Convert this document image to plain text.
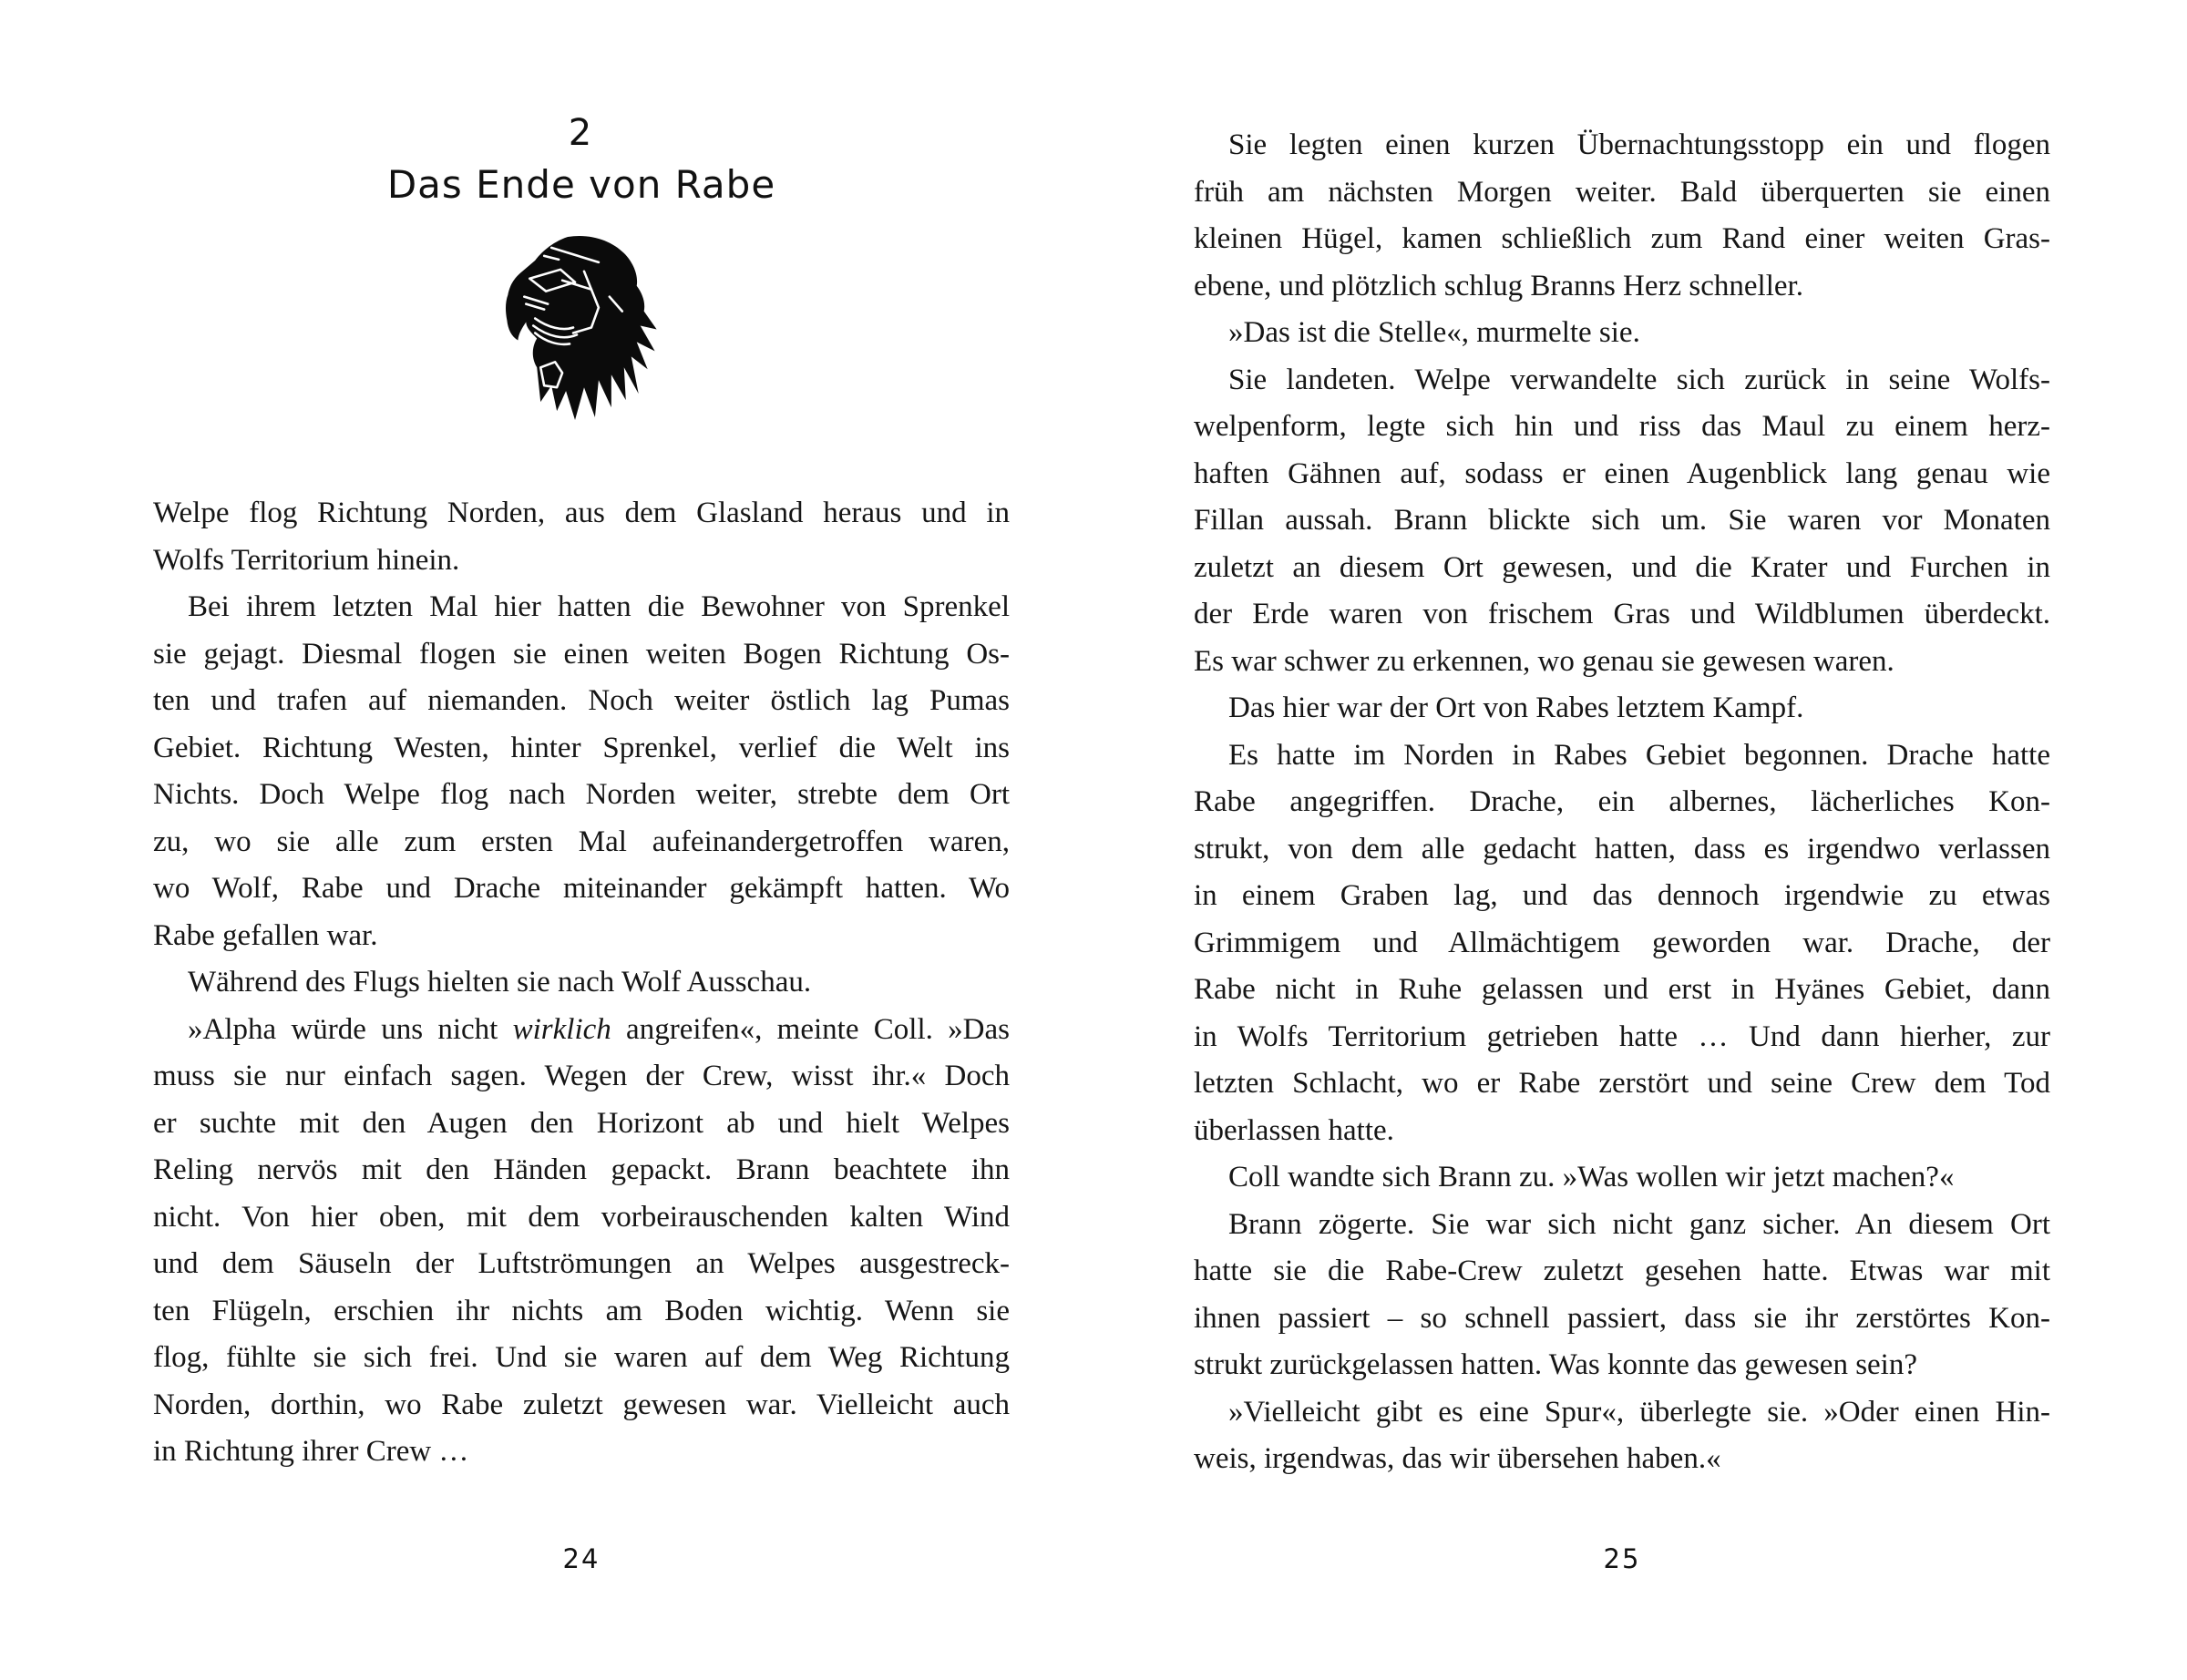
2
Das Ende von Rabe
Welpe flog Richtung Norden, aus dem Glasland heraus und in
Wolfs Territorium hinein.
Bei ihrem letzten Mal hier hatten die Bewohner von Sprenkel
sie gejagt. Diesmal flogen sie einen weiten Bogen Richtung Os-
ten und trafen auf niemanden. Noch weiter östlich lag Pumas
Gebiet. Richtung Westen, hinter Sprenkel, verlief die Welt ins
Nichts. Doch Welpe flog nach Norden weiter, strebte dem Ort
zu, wo sie alle zum ersten Mal aufeinandergetroffen waren,
wo Wolf, Rabe und Drache miteinander gekämpft hatten. Wo
Rabe gefallen war.
Während des Flugs hielten sie nach Wolf Ausschau.
»Alpha würde uns nicht wirklich angreifen«, meinte Coll. »Das
muss sie nur einfach sagen. Wegen der Crew, wisst ihr.« Doch
er suchte mit den Augen den Horizont ab und hielt Welpes
Reling nervös mit den Händen gepackt. Brann beachtete ihn
nicht. Von hier oben, mit dem vorbeirauschenden kalten Wind
und dem Säuseln der Luftströmungen an Welpes ausgestreck-
ten Flügeln, erschien ihr nichts am Boden wichtig. Wenn sie
flog, fühlte sie sich frei. Und sie waren auf dem Weg Richtung
Norden, dorthin, wo Rabe zuletzt gewesen war. Vielleicht auch
in Richtung ihrer Crew …
24
Sie legten einen kurzen Übernachtungsstopp ein und flogen
früh am nächsten Morgen weiter. Bald überquerten sie einen
kleinen Hügel, kamen schließlich zum Rand einer weiten Gras-
ebene, und plötzlich schlug Branns Herz schneller.
»Das ist die Stelle«, murmelte sie.
Sie landeten. Welpe verwandelte sich zurück in seine Wolfs-
welpenform, legte sich hin und riss das Maul zu einem herz-
haften Gähnen auf, sodass er einen Augenblick lang genau wie
Fillan aussah. Brann blickte sich um. Sie waren vor Monaten
zuletzt an diesem Ort gewesen, und die Krater und Furchen in
der Erde waren von frischem Gras und Wildblumen überdeckt.
Es war schwer zu erkennen, wo genau sie gewesen waren.
Das hier war der Ort von Rabes letztem Kampf.
Es hatte im Norden in Rabes Gebiet begonnen. Drache hatte
Rabe angegriffen. Drache, ein albernes, lächerliches Kon-
strukt, von dem alle gedacht hatten, dass es irgendwo verlassen
in einem Graben lag, und das dennoch irgendwie zu etwas
Grimmigem und Allmächtigem geworden war. Drache, der
Rabe nicht in Ruhe gelassen und erst in Hyänes Gebiet, dann
in Wolfs Territorium getrieben hatte … Und dann hierher, zur
letzten Schlacht, wo er Rabe zerstört und seine Crew dem Tod
überlassen hatte.
Coll wandte sich Brann zu. »Was wollen wir jetzt machen?«
Brann zögerte. Sie war sich nicht ganz sicher. An diesem Ort
hatte sie die Rabe-Crew zuletzt gesehen hatte. Etwas war mit
ihnen passiert – so schnell passiert, dass sie ihr zerstörtes Kon-
strukt zurückgelassen hatten. Was konnte das gewesen sein?
»Vielleicht gibt es eine Spur«, überlegte sie. »Oder einen Hin-
weis, irgendwas, das wir übersehen haben.«
25
